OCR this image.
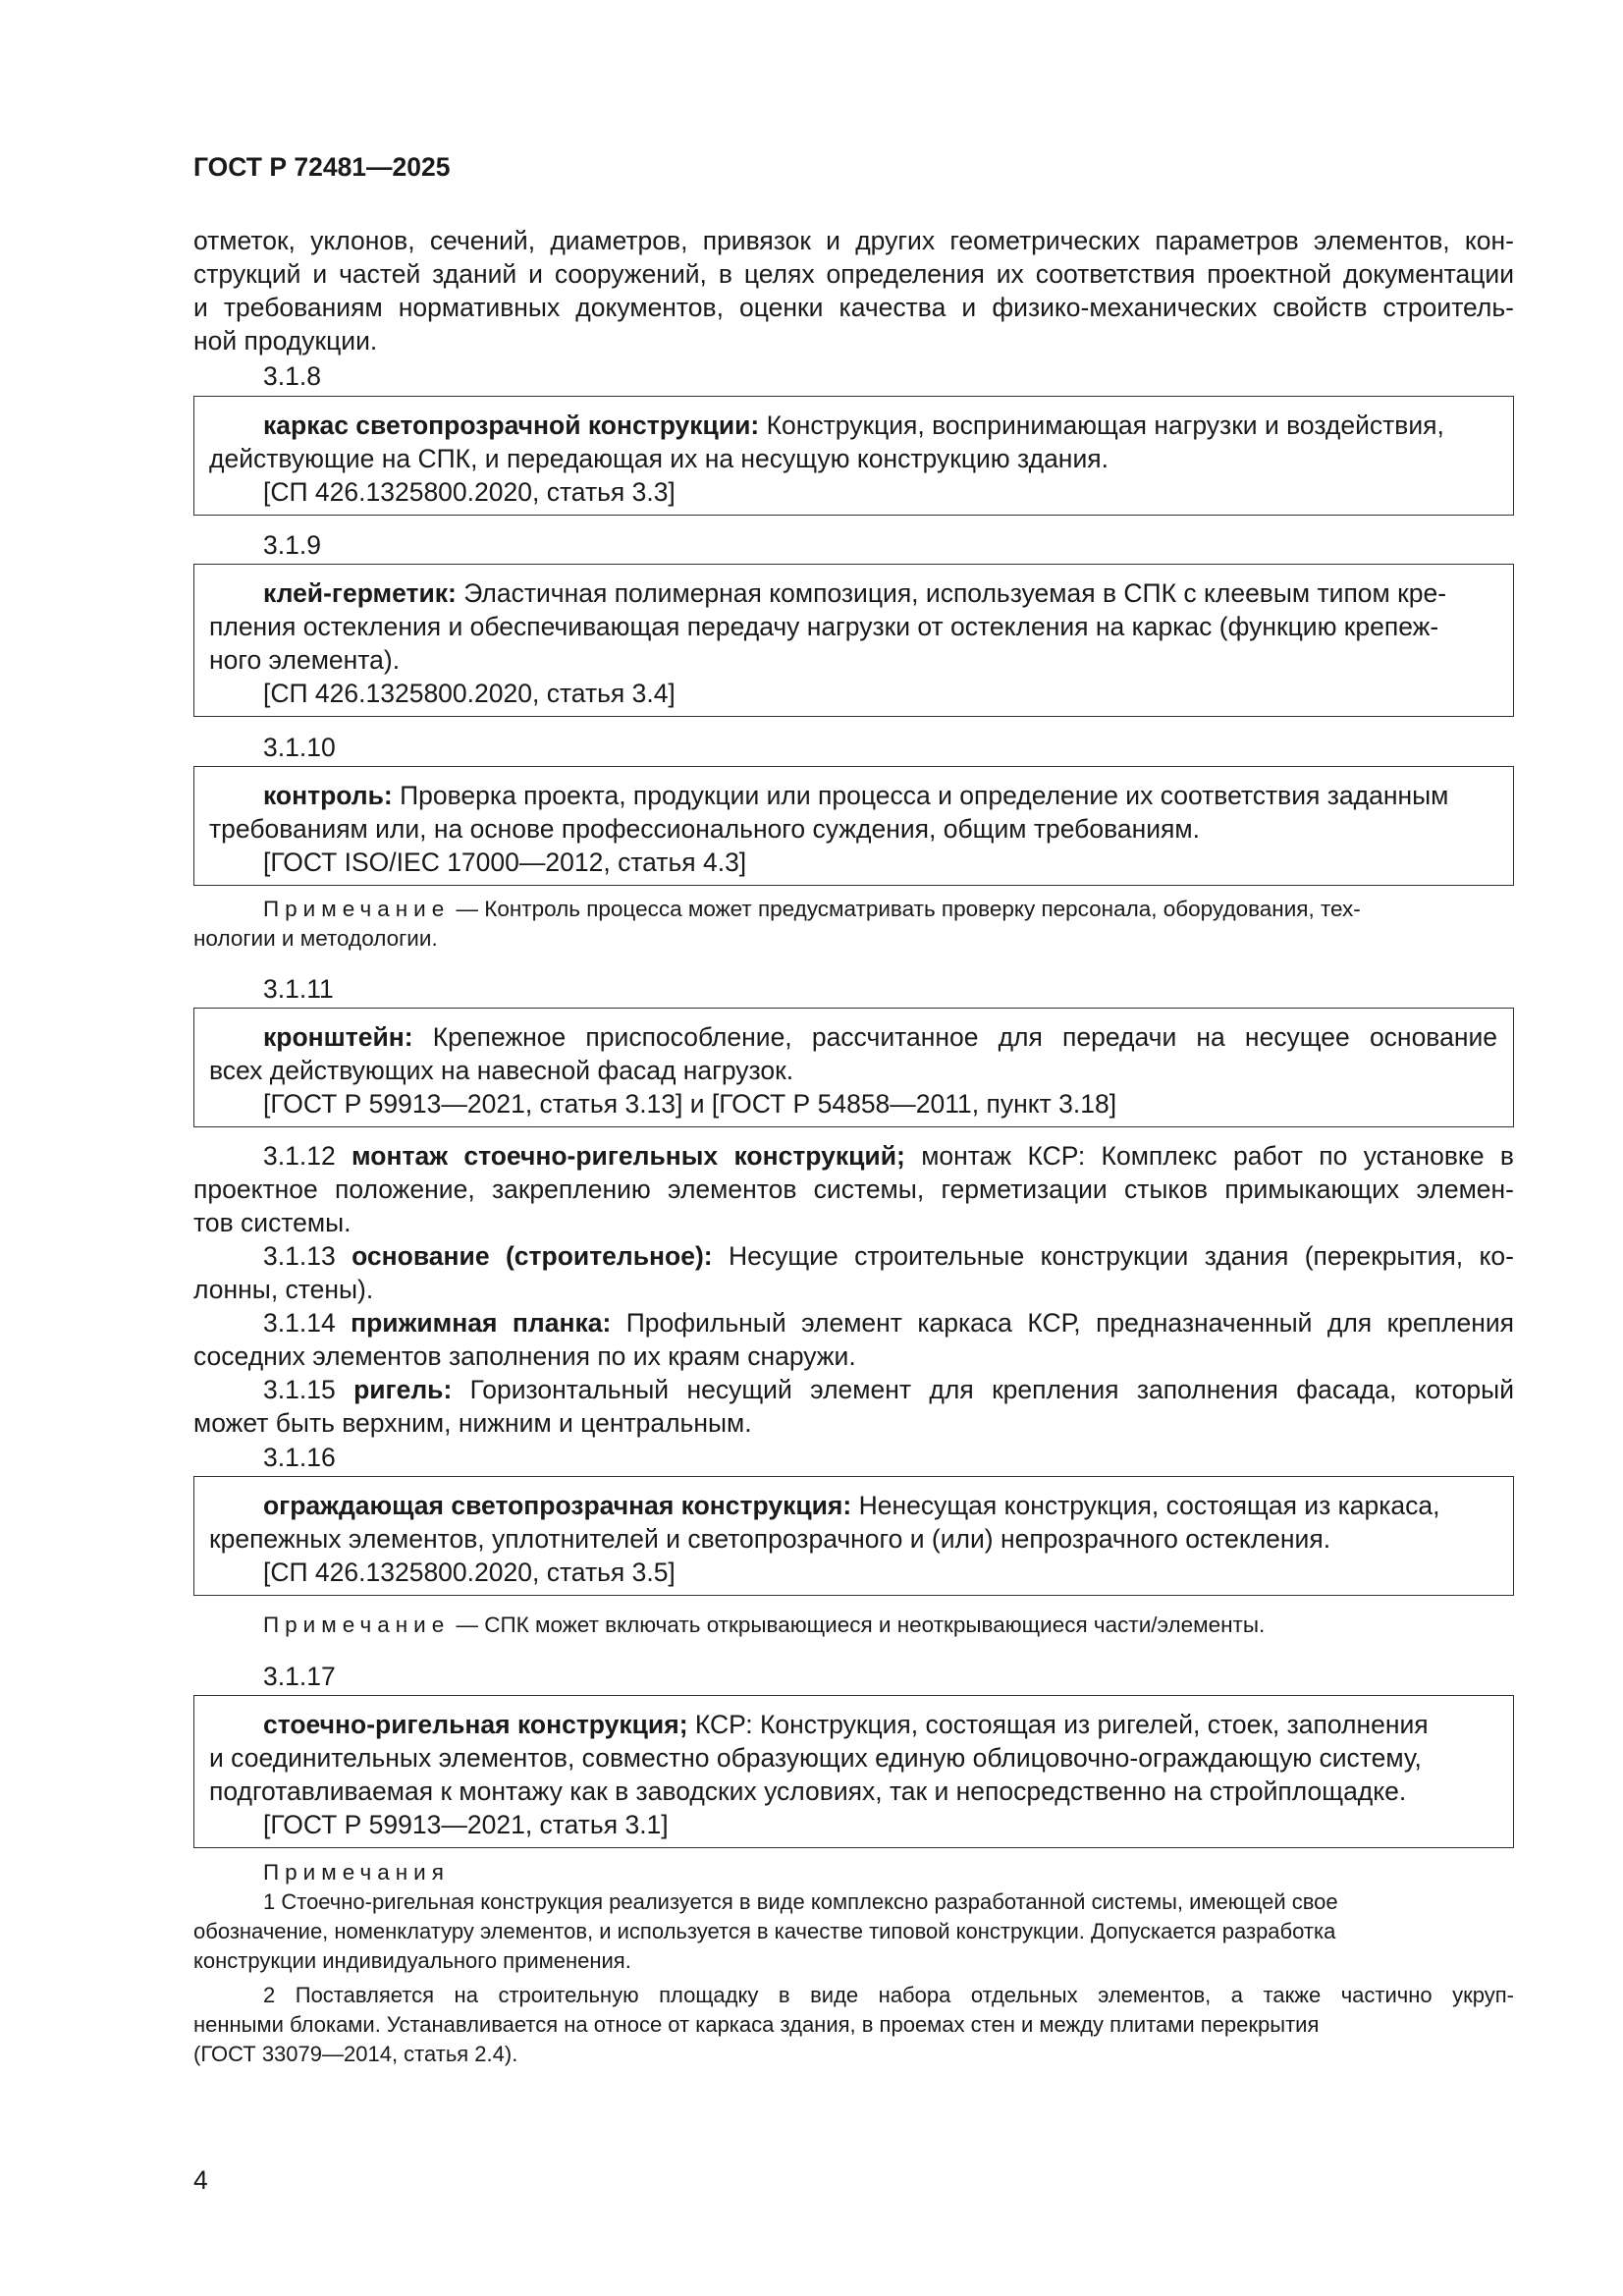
ГОСТ Р 72481—2025
отметок, уклонов, сечений, диаметров, привязок и других геометрических параметров элементов, кон-
струкций и частей зданий и сооружений, в целях определения их соответствия проектной документации
и требованиям нормативных документов, оценки качества и физико-механических свойств строитель-
ной продукции.
3.1.8
каркас светопрозрачной конструкции: Конструкция, воспринимающая нагрузки и воздействия,
действующие на СПК, и передающая их на несущую конструкцию здания.
[СП 426.1325800.2020, статья 3.3]
3.1.9
клей-герметик: Эластичная полимерная композиция, используемая в СПК с клеевым типом кре-
пления остекления и обеспечивающая передачу нагрузки от остекления на каркас (функцию крепеж-
ного элемента).
[СП 426.1325800.2020, статья 3.4]
3.1.10
контроль: Проверка проекта, продукции или процесса и определение их соответствия заданным
требованиям или, на основе профессионального суждения, общим требованиям.
[ГОСТ ISO/IEC 17000—2012, статья 4.3]
Примечание — Контроль процесса может предусматривать проверку персонала, оборудования, тех-
нологии и методологии.
3.1.11
кронштейн: Крепежное приспособление, рассчитанное для передачи на несущее основание
всех действующих на навесной фасад нагрузок.
[ГОСТ Р 59913—2021, статья 3.13] и [ГОСТ Р 54858—2011, пункт 3.18]
3.1.12 монтаж стоечно-ригельных конструкций; монтаж КСР: Комплекс работ по установке в
проектное положение, закреплению элементов системы, герметизации стыков примыкающих элемен-
тов системы.
3.1.13 основание (строительное): Несущие строительные конструкции здания (перекрытия, ко-
лонны, стены).
3.1.14 прижимная планка: Профильный элемент каркаса КСР, предназначенный для крепления
соседних элементов заполнения по их краям снаружи.
3.1.15 ригель: Горизонтальный несущий элемент для крепления заполнения фасада, который
может быть верхним, нижним и центральным.
3.1.16
ограждающая светопрозрачная конструкция: Ненесущая конструкция, состоящая из каркаса,
крепежных элементов, уплотнителей и светопрозрачного и (или) непрозрачного остекления.
[СП 426.1325800.2020, статья 3.5]
Примечание — СПК может включать открывающиеся и неоткрывающиеся части/элементы.
3.1.17
стоечно-ригельная конструкция; КСР: Конструкция, состоящая из ригелей, стоек, заполнения
и соединительных элементов, совместно образующих единую облицовочно-ограждающую систему,
подготавливаемая к монтажу как в заводских условиях, так и непосредственно на стройплощадке.
[ГОСТ Р 59913—2021, статья 3.1]
Примечания
1 Стоечно-ригельная конструкция реализуется в виде комплексно разработанной системы, имеющей свое
обозначение, номенклатуру элементов, и используется в качестве типовой конструкции. Допускается разработка
конструкции индивидуального применения.
2 Поставляется на строительную площадку в виде набора отдельных элементов, а также частично укруп-
ненными блоками. Устанавливается на относе от каркаса здания, в проемах стен и между плитами перекрытия
(ГОСТ 33079—2014, статья 2.4).
4
